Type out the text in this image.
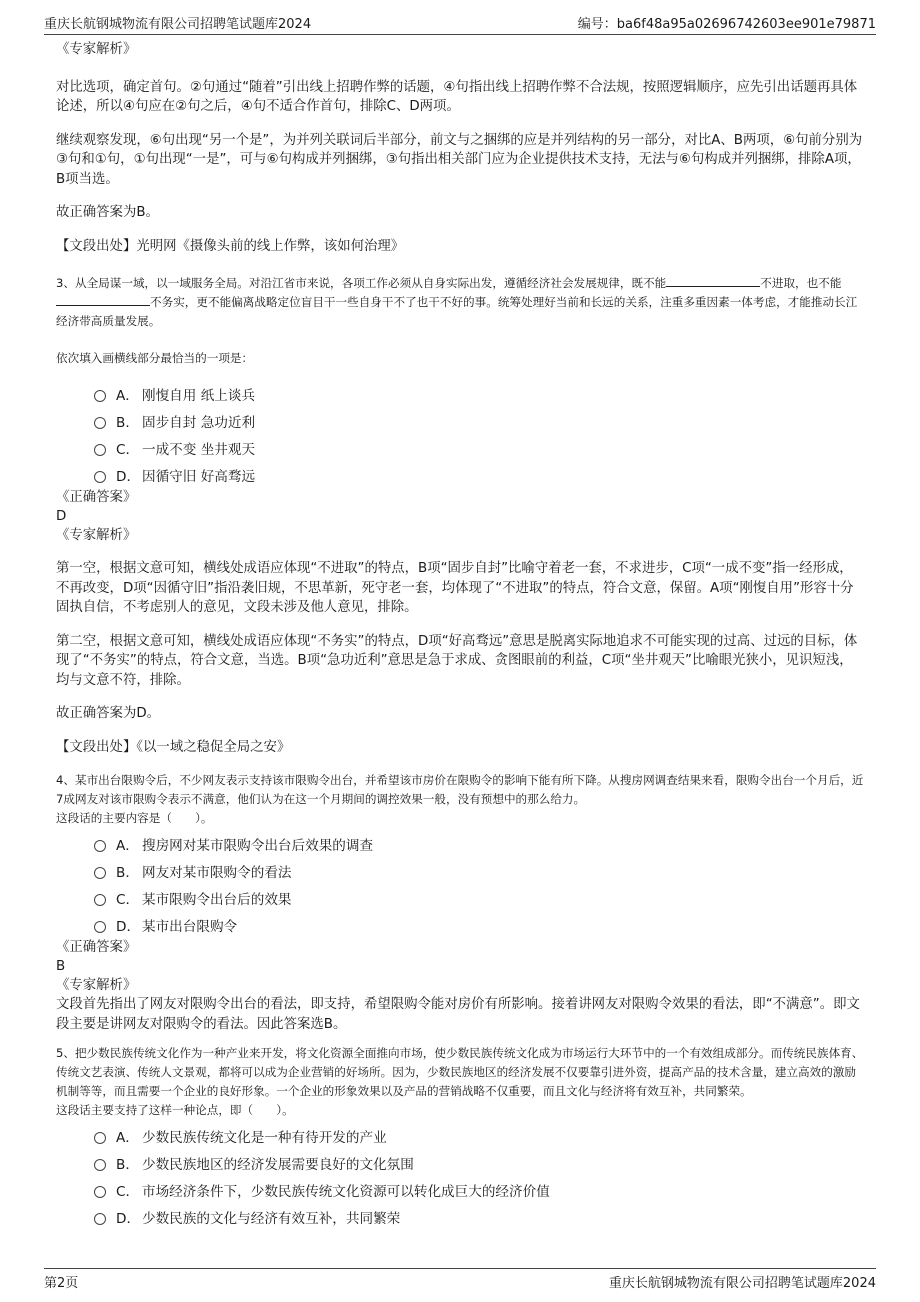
重庆长航钢城物流有限公司招聘笔试题库2024	编号：ba6f48a95a02696742603ee901e79871

《专家解析》

对比选项，确定首句。②句通过“随着”引出线上招聘作弊的话题，④句指出线上招聘作弊不合法规，按照逻辑顺序，应先引出话题再具体论述，所以④句应在②句之后，④句不适合作首句，排除C、D两项。

继续观察发现，⑥句出现“另一个是”，为并列关联词后半部分，前文与之捆绑的应是并列结构的另一部分，对比A、B两项，⑥句前分别为③句和①句，①句出现“一是”，可与⑥句构成并列捆绑，③句指出相关部门应为企业提供技术支持，无法与⑥句构成并列捆绑，排除A项，B项当选。

故正确答案为B。

【文段出处】光明网《摄像头前的线上作弊，该如何治理》

3、从全局谋一域，以一域服务全局。对沿江省市来说，各项工作必须从自身实际出发，遵循经济社会发展规律，既不能	不进取，也不能不务实，更不能偏离战略定位盲目干一些自身干不了也干不好的事。统筹处理好当前和长远的关系，注重多重因素一体考虑，才能推动长江经济带高质量发展。

依次填入画横线部分最恰当的一项是：

A． 刚愎自用 纸上谈兵
B． 固步自封 急功近利
C． 一成不变 坐井观天
D． 因循守旧 好高骛远

《正确答案》

D

《专家解析》

第一空，根据文意可知，横线处成语应体现“不进取”的特点，B项“固步自封”比喻守着老一套，不求进步，C项“一成不变”指一经形成，不再改变，D项“因循守旧”指沿袭旧规，不思革新，死守老一套，均体现了“不进取”的特点，符合文意，保留。A项“刚愎自用”形容十分固执自信，不考虑别人的意见，文段未涉及他人意见，排除。

第二空，根据文意可知，横线处成语应体现“不务实”的特点，D项“好高骛远”意思是脱离实际地追求不可能实现的过高、过远的目标，体现了“不务实”的特点，符合文意，当选。B项“急功近利”意思是急于求成、贪图眼前的利益，C项“坐井观天”比喻眼光狭小，见识短浅，均与文意不符，排除。

故正确答案为D。

【文段出处】《以一域之稳促全局之安》

4、某市出台限购令后，不少网友表示支持该市限购令出台，并希望该市房价在限购令的影响下能有所下降。从搜房网调查结果来看，限购令出台一个月后，近7成网友对该市限购令表示不满意，他们认为在这一个月期间的调控效果一般，没有预想中的那么给力。

这段话的主要内容是（　　）。

A． 搜房网对某市限购令出台后效果的调查
B． 网友对某市限购令的看法
C． 某市限购令出台后的效果
D． 某市出台限购令

《正确答案》

B

《专家解析》

文段首先指出了网友对限购令出台的看法，即支持，希望限购令能对房价有所影响。接着讲网友对限购令效果的看法，即“不满意”。即文段主要是讲网友对限购令的看法。因此答案选B。

5、把少数民族传统文化作为一种产业来开发，将文化资源全面推向市场，使少数民族传统文化成为市场运行大环节中的一个有效组成部分。而传统民族体育、传统文艺表演、传统人文景观，都将可以成为企业营销的好场所。因为，少数民族地区的经济发展不仅要靠引进外资，提高产品的技术含量，建立高效的激励机制等等，而且需要一个企业的良好形象。一个企业的形象效果以及产品的营销战略不仅重要，而且文化与经济将有效互补，共同繁荣。

这段话主要支持了这样一种论点，即（　　）。

A． 少数民族传统文化是一种有待开发的产业
B． 少数民族地区的经济发展需要良好的文化氛围
C． 市场经济条件下，少数民族传统文化资源可以转化成巨大的经济价值
D． 少数民族的文化与经济有效互补，共同繁荣
第2页	重庆长航钢城物流有限公司招聘笔试题库2024
